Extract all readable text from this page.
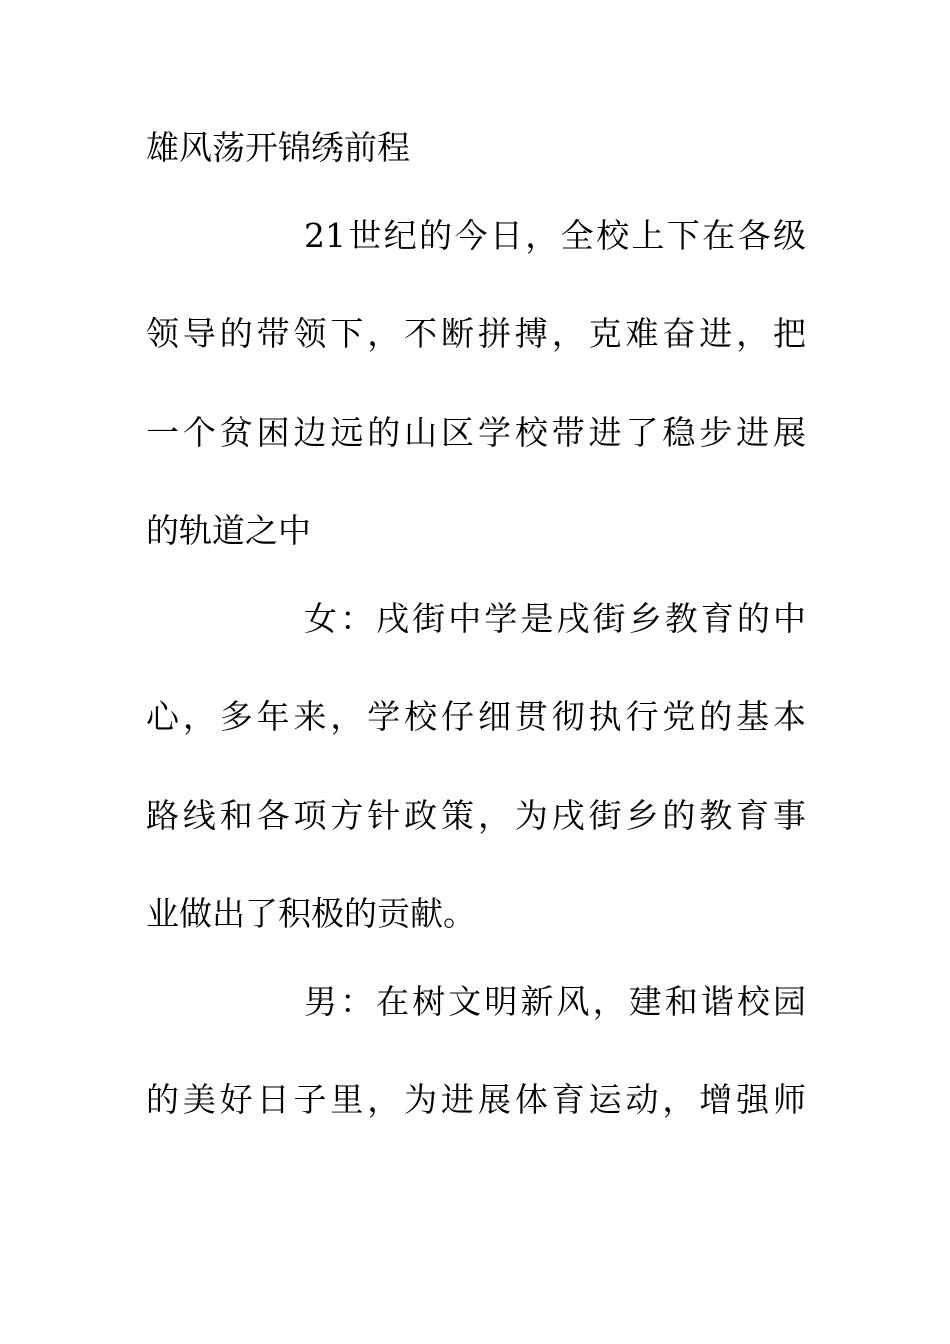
雄风荡开锦绣前程
21世纪的今日，全校上下在各级
领导的带领下，不断拼搏，克难奋进，把
一个贫困边远的山区学校带进了稳步进展
的轨道之中
女：戌街中学是戌街乡教育的中
心，多年来，学校仔细贯彻执行党的基本
路线和各项方针政策，为戌街乡的教育事
业做出了积极的贡献。
男：在树文明新风，建和谐校园
的美好日子里，为进展体育运动，增强师
